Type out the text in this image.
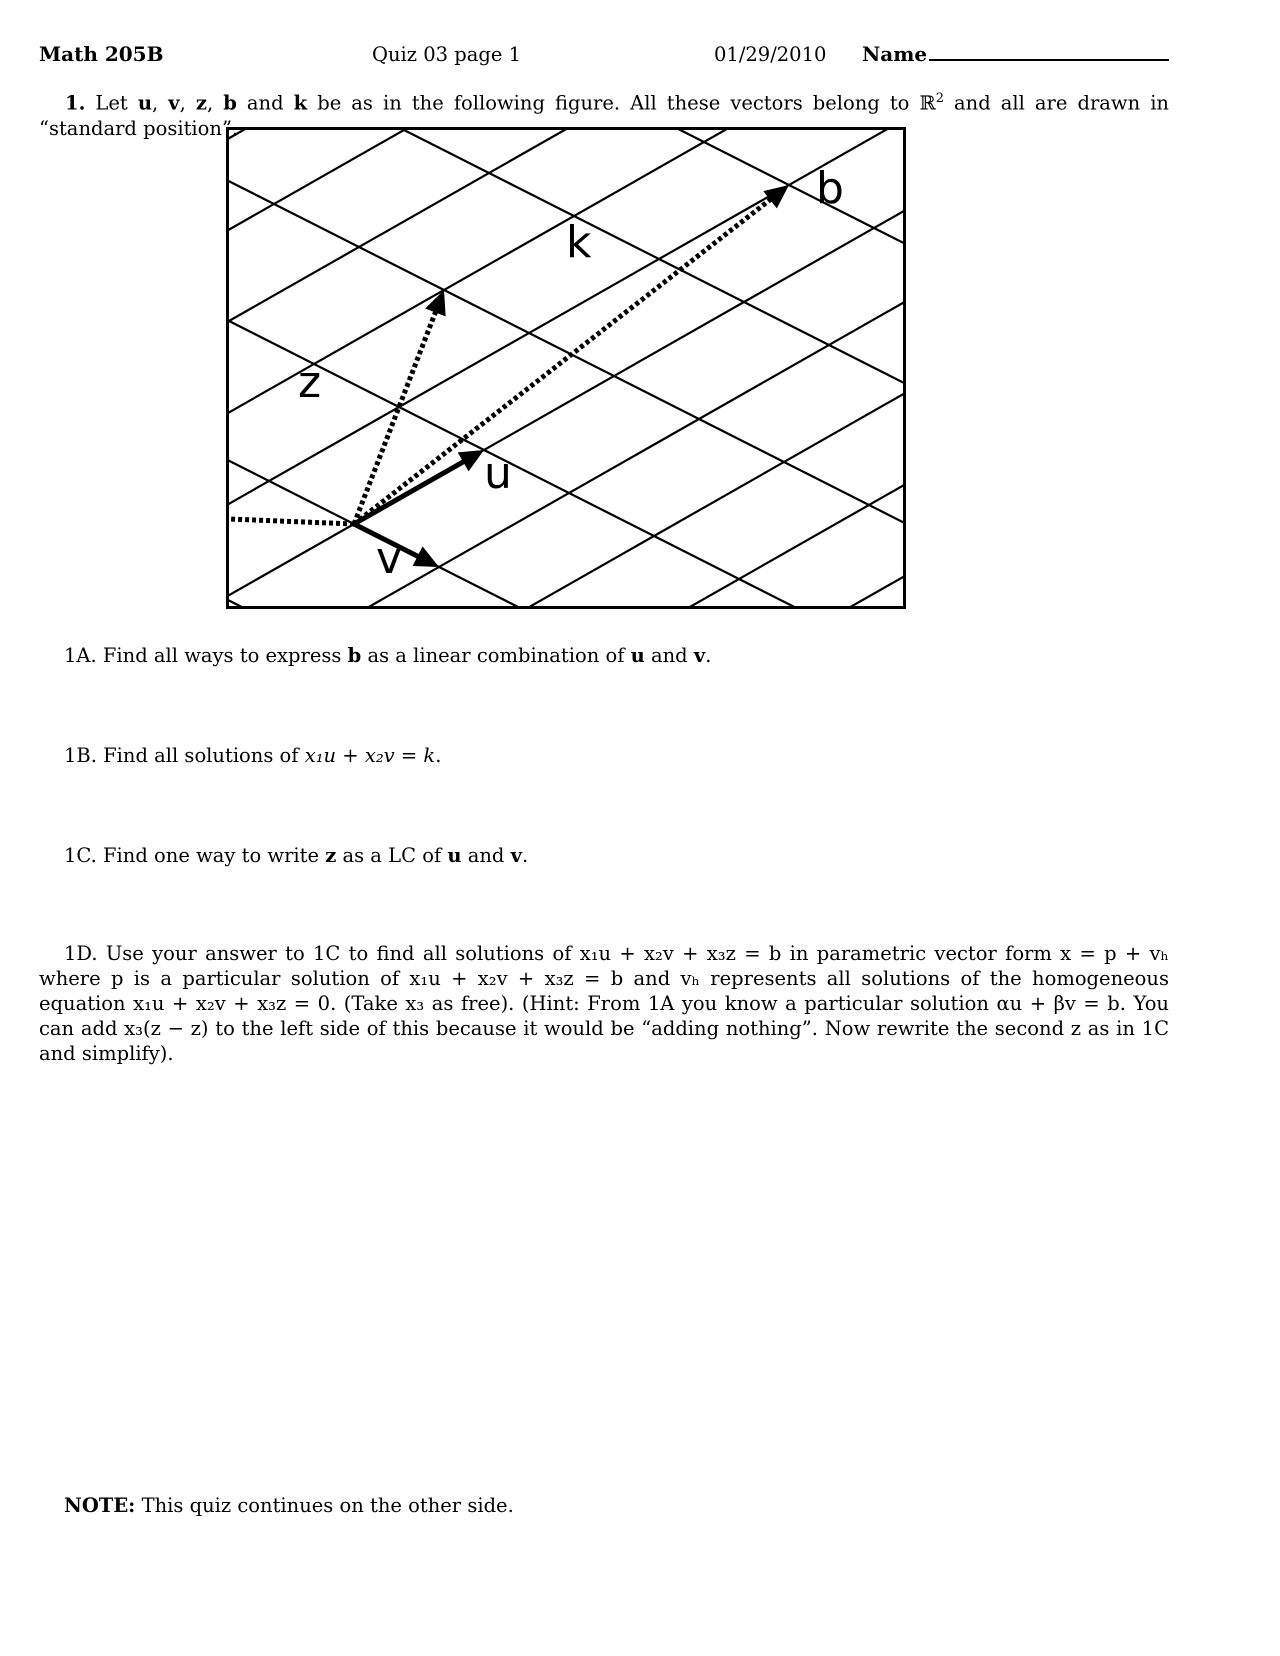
Math 205B	Quiz 03 page 1	01/29/2010 Name
1. Let u, v, z, b and k be as in the following figure. All these vectors belong to ℝ$^2$ and all are drawn in “standard position”.
b
k
z
u
v
1A. Find all ways to express b as a linear combination of u and v.
1B. Find all solutions of x₁u + x₂v = k.
1C. Find one way to write z as a LC of u and v.
1D. Use your answer to 1C to find all solutions of x₁u + x₂v + x₃z = b in parametric vector form x = p + vₕ where p is a particular solution of x₁u + x₂v + x₃z = b and vₕ represents all solutions of the homogeneous equation x₁u + x₂v + x₃z = 0. (Take x₃ as free). (Hint: From 1A you know a particular solution αu + βv = b. You can add x₃(z − z) to the left side of this because it would be “adding nothing”. Now rewrite the second z as in 1C and simplify).
NOTE: This quiz continues on the other side.
